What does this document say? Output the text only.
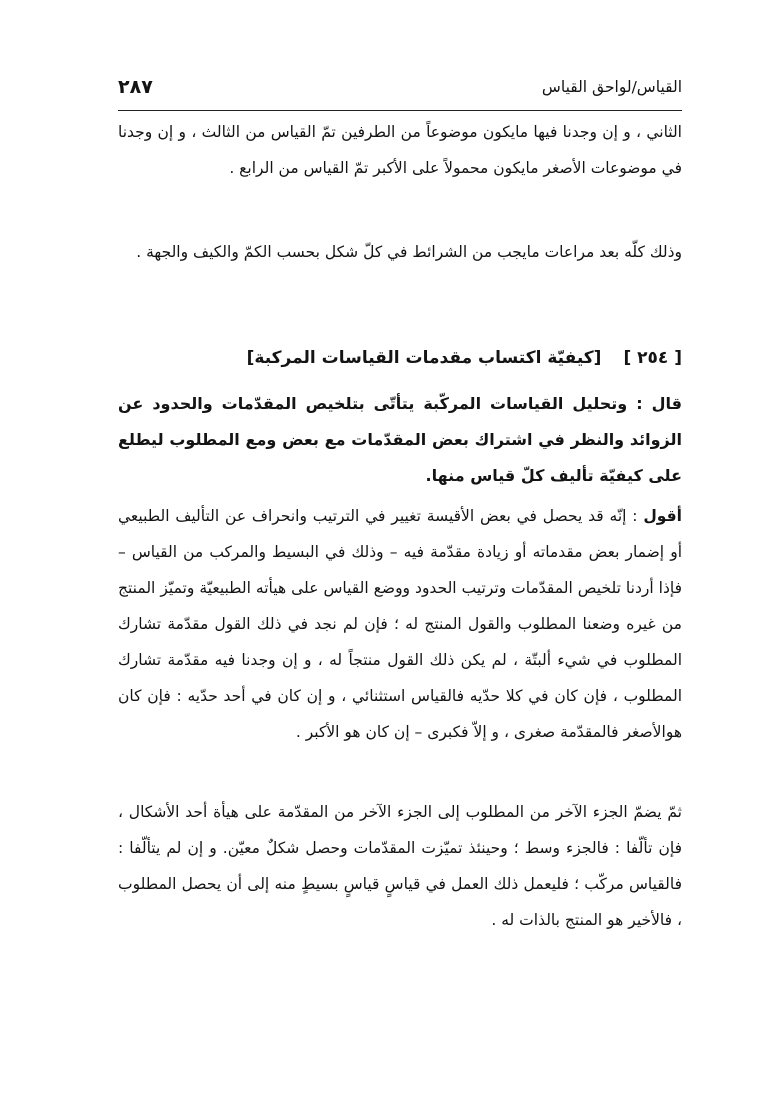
٢٨٧	القياس/لواحق القياس

الثاني ، و إن وجدنا فيها مايكون موضوعاً من الطرفين تمّ القياس من الثالث ، و إن وجدنا في موضوعات الأصغر مايكون محمولاً على الأكبر تمّ القياس من الرابع .

وذلك كلّه بعد مراعات مايجب من الشرائط في كلّ شكل بحسب الكمّ والكيف والجهة .

[ ٢٥٤ ][كيفيّة اكتساب مقدمات القياسات المركبة]

قال : وتحليل القياسات المركّبة يتأتّى بتلخيص المقدّمات والحدود عن الزوائد والنظر في اشتراك بعض المقدّمات مع بعض ومع المطلوب ليطلع على كيفيّة تأليف كلّ قياس منها.

أقول : إنّه قد يحصل في بعض الأقيسة تغيير في الترتيب وانحراف عن التأليف الطبيعي أو إضمار بعض مقدماته أو زيادة مقدّمة فيه – وذلك في البسيط والمركب من القياس – فإذا أردنا تلخيص المقدّمات وترتيب الحدود ووضع القياس على هيأته الطبيعيّة وتميّز المنتج من غيره وضعنا المطلوب والقول المنتج له ؛ فإن لم نجد في ذلك القول مقدّمة تشارك المطلوب في شيء ألبتّة ، لم يكن ذلك القول منتجاً له ، و إن وجدنا فيه مقدّمة تشارك المطلوب ، فإن كان في كلا حدّيه فالقياس استثنائي ، و إن كان في أحد حدّيه : فإن كان هوالأصغر فالمقدّمة صغرى ، و إلاّ فكبرى – إن كان هو الأكبر .

ثمّ يضمّ الجزء الآخر من المطلوب إلى الجزء الآخر من المقدّمة على هيأة أحد الأشكال ، فإن تألّفا : فالجزء وسط ؛ وحينئذ تميّزت المقدّمات وحصل شكلٌ معيّن. و إن لم يتألّفا : فالقياس مركّب ؛ فليعمل ذلك العمل في قياسٍ قياسٍ بسيطٍ منه إلى أن يحصل المطلوب ، فالأخير هو المنتج بالذات له .
